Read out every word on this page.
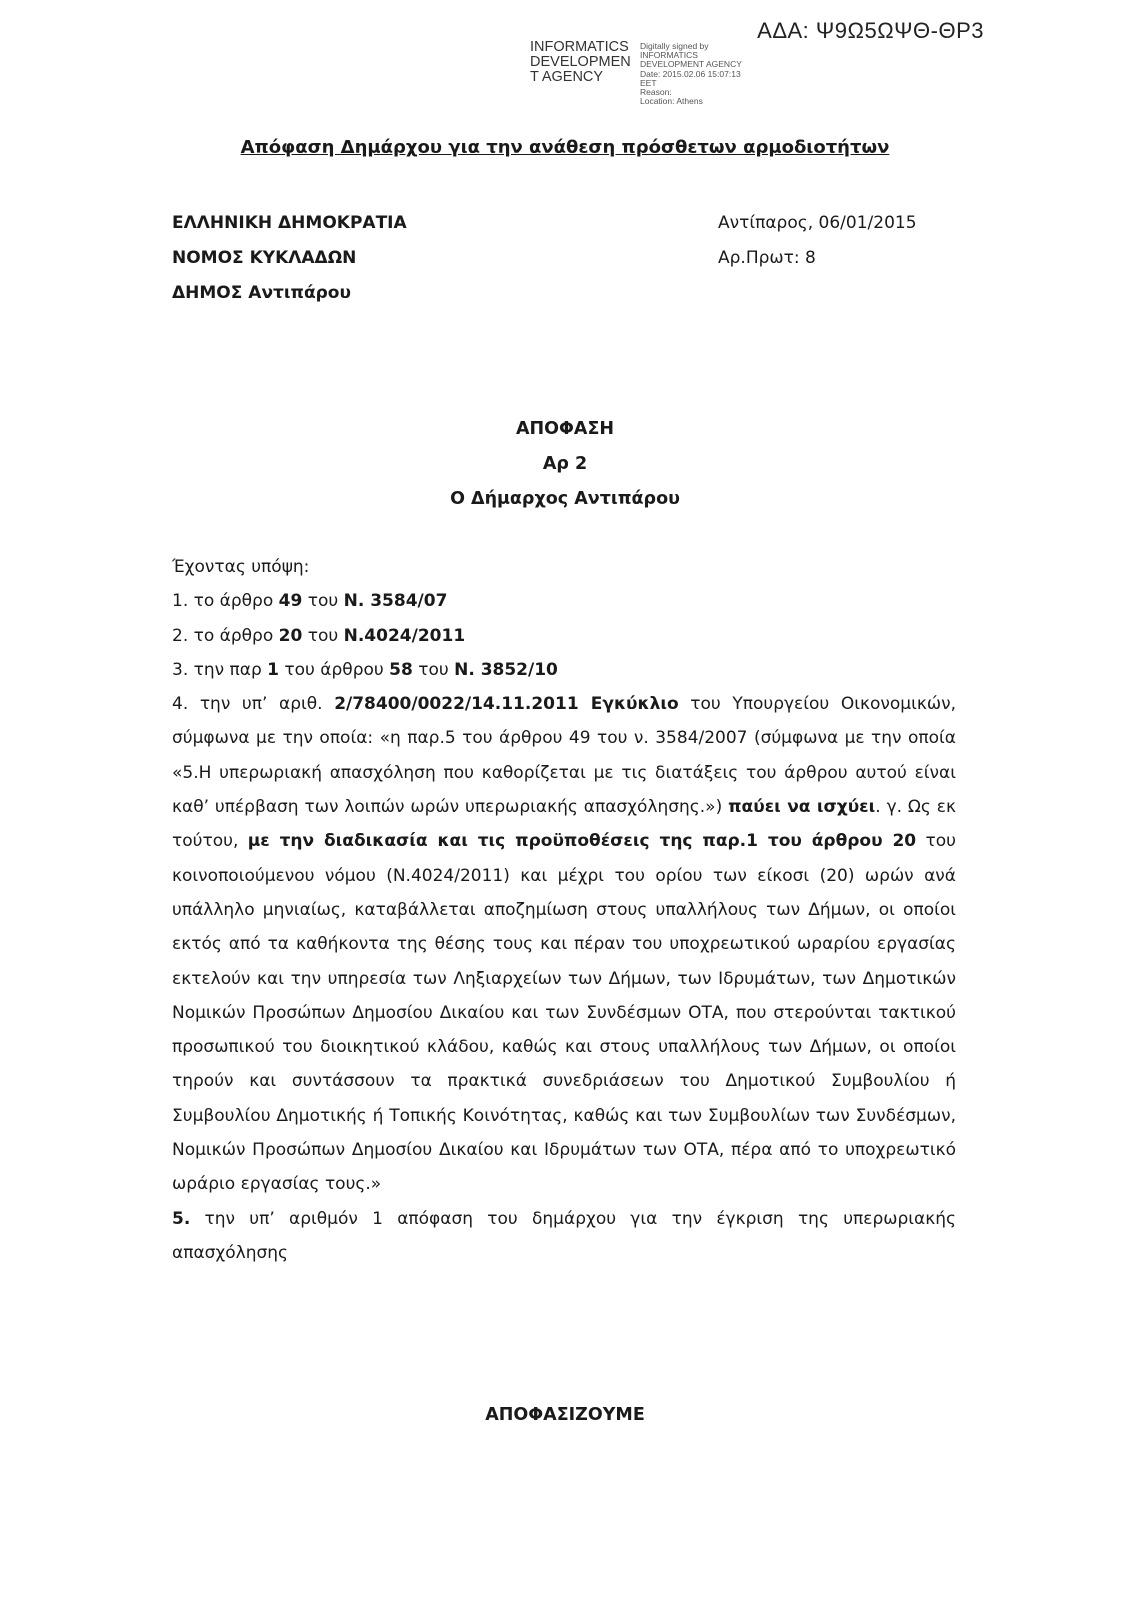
ΑΔΑ: Ψ9Ω5ΩΨΘ-ΘΡ3
INFORMATICS
DEVELOPMEN
T AGENCY
Digitally signed by
INFORMATICS
DEVELOPMENT AGENCY
Date: 2015.02.06 15:07:13
EET
Reason:
Location: Athens
Απόφαση Δημάρχου για την ανάθεση πρόσθετων αρμοδιοτήτων
ΕΛΛΗΝΙΚΗ ΔΗΜΟΚΡΑΤΙΑ
ΝΟΜΟΣ ΚΥΚΛΑΔΩΝ
ΔΗΜΟΣ Αντιπάρου
Αντίπαρος, 06/01/2015
Αρ.Πρωτ: 8
ΑΠΟΦΑΣΗ
Αρ 2
Ο Δήμαρχος Αντιπάρου

Έχοντας υπόψη:

1. το άρθρο 49 του Ν. 3584/07

2. το άρθρο 20 του Ν.4024/2011

3. την παρ 1 του άρθρου 58 του Ν. 3852/10

4. την υπ’ αριθ. 2/78400/0022/14.11.2011 Εγκύκλιο του Υπουργείου Οικονομικών, σύμφωνα με την οποία: «η παρ.5 του άρθρου 49 του ν. 3584/2007 (σύμφωνα με την οποία «5.Η υπερωριακή απασχόληση που καθορίζεται με τις διατάξεις του άρθρου αυτού είναι καθ’ υπέρβαση των λοιπών ωρών υπερωριακής απασχόλησης.») παύει να ισχύει. γ. Ως εκ τούτου, με την διαδικασία και τις προϋποθέσεις της παρ.1 του άρθρου 20 του κοινοποιούμενου νόμου (Ν.4024/2011) και μέχρι του ορίου των είκοσι (20) ωρών ανά υπάλληλο μηνιαίως, καταβάλλεται αποζημίωση στους υπαλλήλους των Δήμων, οι οποίοι εκτός από τα καθήκοντα της θέσης τους και πέραν του υποχρεωτικού ωραρίου εργασίας εκτελούν και την υπηρεσία των Ληξιαρχείων των Δήμων, των Ιδρυμάτων, των Δημοτικών Νομικών Προσώπων Δημοσίου Δικαίου και των Συνδέσμων ΟΤΑ, που στερούνται τακτικού προσωπικού του διοικητικού κλάδου, καθώς και στους υπαλλήλους των Δήμων, οι οποίοι τηρούν και συντάσσουν τα πρακτικά συνεδριάσεων του Δημοτικού Συμβουλίου ή Συμβουλίου Δημοτικής ή Τοπικής Κοινότητας, καθώς και των Συμβουλίων των Συνδέσμων, Νομικών Προσώπων Δημοσίου Δικαίου και Ιδρυμάτων των ΟΤΑ, πέρα από το υποχρεωτικό ωράριο εργασίας τους.»

5. την υπ’ αριθμόν 1 απόφαση του δημάρχου για την έγκριση της υπερωριακής απασχόλησης

ΑΠΟΦΑΣΙΖΟΥΜΕ
